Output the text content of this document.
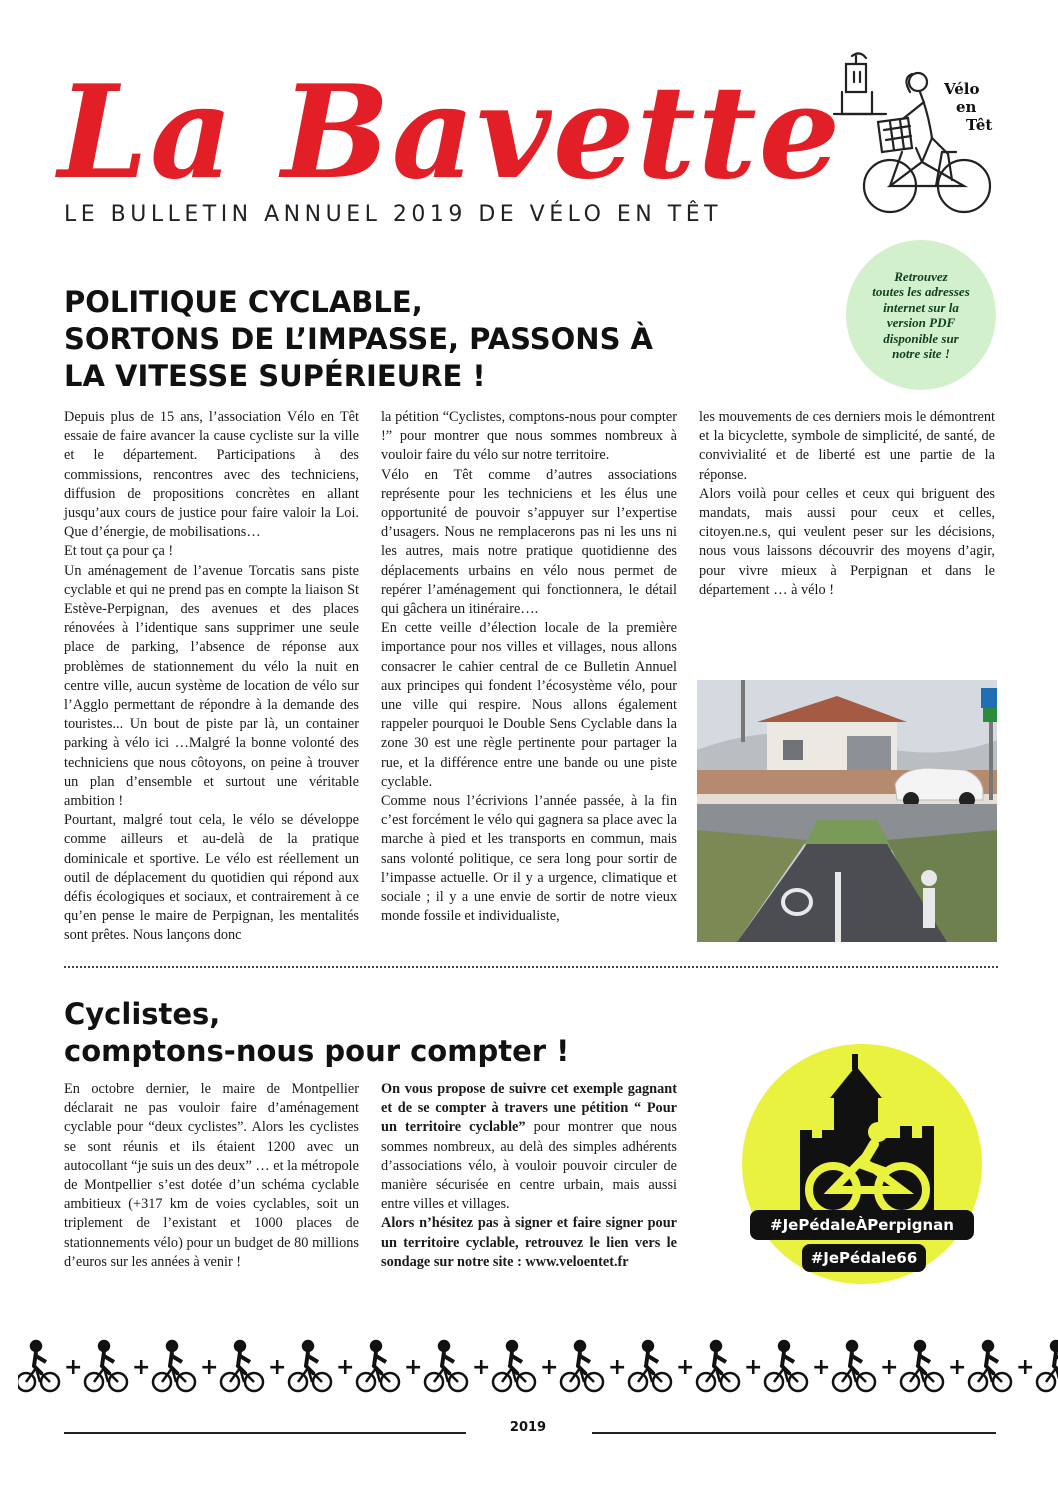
La Bavette
LE BULLETIN ANNUEL 2019 DE VÉLO EN TÊT
Vélo
en
Têt
Retrouvez
toutes les adresses
internet sur la
version PDF
disponible sur
notre site !
POLITIQUE CYCLABLE,
SORTONS DE L’IMPASSE, PASSONS À
LA VITESSE SUPÉRIEURE !

Depuis plus de 15 ans, l’association Vélo en Têt essaie de faire avancer la cause cycliste sur la ville et le département. Participations à des commissions, rencontres avec des techniciens, diffusion de propositions concrètes en allant jusqu’aux cours de justice pour faire valoir la Loi. Que d’énergie, de mobilisations…

Et tout ça pour ça !

Un aménagement de l’avenue Torcatis sans piste cyclable et qui ne prend pas en compte la liaison St Estève-Perpignan, des avenues et des places rénovées à l’identique sans supprimer une seule place de parking, l’absence de réponse aux problèmes de stationnement du vélo la nuit en centre ville, aucun système de location de vélo sur l’Agglo permettant de répondre à la demande des touristes... Un bout de piste par là, un container parking à vélo ici …Malgré la bonne volonté des techniciens que nous côtoyons, on peine à trouver un plan d’ensemble et surtout une véritable ambition !

Pourtant, malgré tout cela, le vélo se développe comme ailleurs et au-delà de la pratique dominicale et sportive. Le vélo est réellement un outil de déplacement du quotidien qui répond aux défis écologiques et sociaux, et contrairement à ce qu’en pense le maire de Perpignan, les mentalités sont prêtes. Nous lançons donc

la pétition “Cyclistes, comptons-nous pour compter !” pour montrer que nous sommes nombreux à vouloir faire du vélo sur notre territoire.

Vélo en Têt comme d’autres associations représente pour les techniciens et les élus une opportunité de pouvoir s’appuyer sur l’expertise d’usagers. Nous ne remplacerons pas ni les uns ni les autres, mais notre pratique quotidienne des déplacements urbains en vélo nous permet de repérer l’aménagement qui fonctionnera, le détail qui gâchera un itinéraire….

En cette veille d’élection locale de la première importance pour nos villes et villages, nous allons consacrer le cahier central de ce Bulletin Annuel aux principes qui fondent l’écosystème vélo, pour une ville qui respire. Nous allons également rappeler pourquoi le Double Sens Cyclable dans la zone 30 est une règle pertinente pour partager la rue, et la différence entre une bande ou une piste cyclable.

Comme nous l’écrivions l’année passée, à la fin c’est forcément le vélo qui gagnera sa place avec la marche à pied et les transports en commun, mais sans volonté politique, ce sera long pour sortir de l’impasse actuelle. Or il y a urgence, climatique et sociale ; il y a une envie de sortir de notre vieux monde fossile et individualiste,

les mouvements de ces derniers mois le démontrent et la bicyclette, symbole de simplicité, de santé, de convivialité et de liberté est une partie de la réponse.

Alors voilà pour celles et ceux qui briguent des mandats, mais aussi pour ceux et celles, citoyen.ne.s, qui veulent peser sur les décisions, nous vous laissons découvrir des moyens d’agir, pour vivre mieux à Perpignan et dans le département … à vélo !

Cyclistes,
comptons-nous pour compter !

En octobre dernier, le maire de Montpellier déclarait ne pas vouloir faire d’aménagement cyclable pour “deux cyclistes”. Alors les cyclistes se sont réunis et ils étaient 1200 avec un autocollant “je suis un des deux” … et la métropole de Montpellier s’est dotée d’un schéma cyclable ambitieux (+317 km de voies cyclables, soit un triplement de l’existant et 1000 places de stationnements vélo) pour un budget de 80 millions d’euros sur les années à venir !

On vous propose de suivre cet exemple gagnant et de se compter à travers une pétition “ Pour un territoire cyclable” pour montrer que nous sommes nombreux, au delà des simples adhérents d’associations vélo, à vouloir pouvoir circuler de manière sécurisée en centre urbain, mais aussi entre villes et villages.

Alors n’hésitez pas à signer et faire signer pour un territoire cyclable, retrouvez le lien vers le sondage sur notre site : www.veloentet.fr

#JePédaleÀPerpignan
#JePédale66
+ + + + + + + + + + + + + + +
2019
